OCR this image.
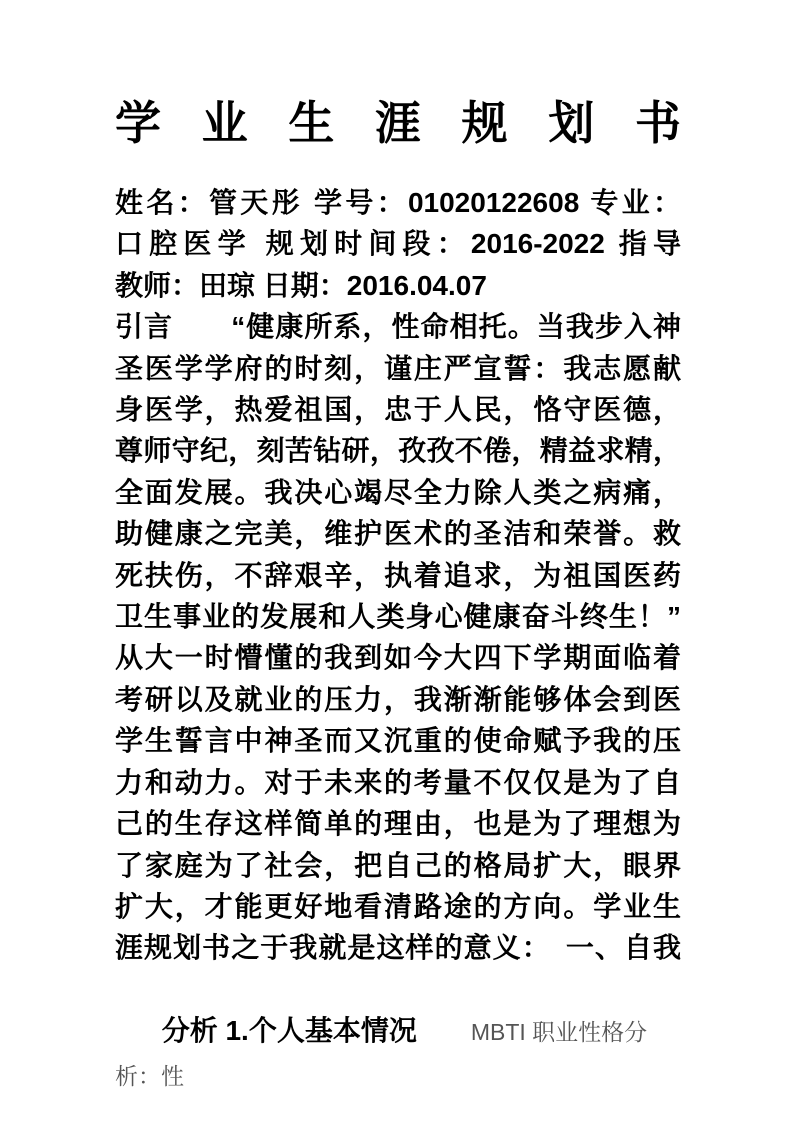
学 业 生 涯 规 划 书
姓名：管天彤 学号：01020122608 专业：
口腔医学 规划时间段：2016-2022 指导
教师：田琼 日期：2016.04.07
引言　　“健康所系，性命相托。当我步入神
圣医学学府的时刻，谨庄严宣誓：我志愿献
身医学，热爱祖国，忠于人民，恪守医德，
尊师守纪，刻苦钻研，孜孜不倦，精益求精，
全面发展。我决心竭尽全力除人类之病痛，
助健康之完美，维护医术的圣洁和荣誉。救
死扶伤，不辞艰辛，执着追求，为祖国医药
卫生事业的发展和人类身心健康奋斗终生！”
从大一时懵懂的我到如今大四下学期面临着
考研以及就业的压力，我渐渐能够体会到医
学生誓言中神圣而又沉重的使命赋予我的压
力和动力。对于未来的考量不仅仅是为了自
己的生存这样简单的理由，也是为了理想为
了家庭为了社会，把自己的格局扩大，眼界
扩大，才能更好地看清路途的方向。学业生
涯规划书之于我就是这样的意义：　一、自我

分析 1.个人基本情况 MBTI 职业性格分析：性
